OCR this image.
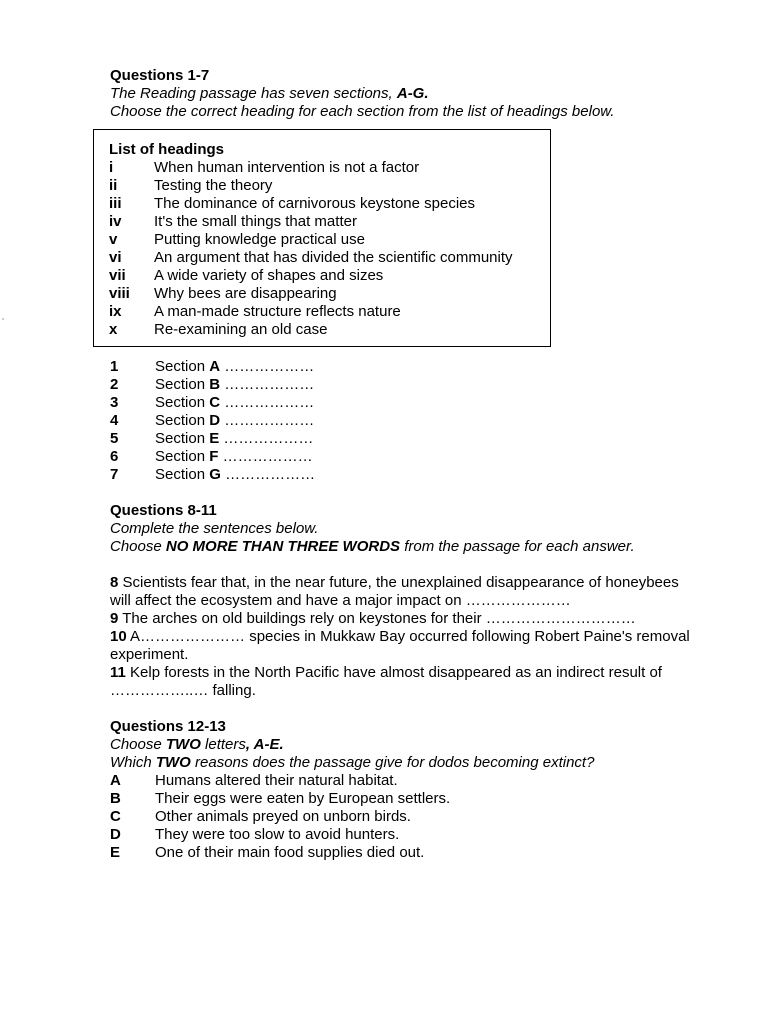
Questions 1-7
The Reading passage has seven sections, A-G.
Choose the correct heading for each section from the list of headings below.
List of headings
i	When human intervention is not a factor
ii Testing the theory
iii The dominance of carnivorous keystone species
iv It's the small things that matter
v Putting knowledge practical use
vi An argument that has divided the scientific community
vii A wide variety of shapes and sizes
viii Why bees are disappearing
ix A man-made structure reflects nature
x Re-examining an old case
1 Section A ………………
2 Section B ………………
3 Section C ………………
4 Section D ………………
5 Section E ………………
6 Section F ………………
7 Section G ………………
Questions 8-11
Complete the sentences below.
Choose NO MORE THAN THREE WORDS from the passage for each answer.
8 Scientists fear that, in the near future, the unexplained disappearance of honeybees
will affect the ecosystem and have a major impact on …………………
9 The arches on old buildings rely on keystones for their …………………………
10 A………………… species in Mukkaw Bay occurred following Robert Paine's removal
experiment.
11 Kelp forests in the North Pacific have almost disappeared as an indirect result of
……………..… falling.
Questions 12-13
Choose TWO letters, A-E.
Which TWO reasons does the passage give for dodos becoming extinct?
A Humans altered their natural habitat.
B Their eggs were eaten by European settlers.
C Other animals preyed on unborn birds.
D They were too slow to avoid hunters.
E One of their main food supplies died out.
